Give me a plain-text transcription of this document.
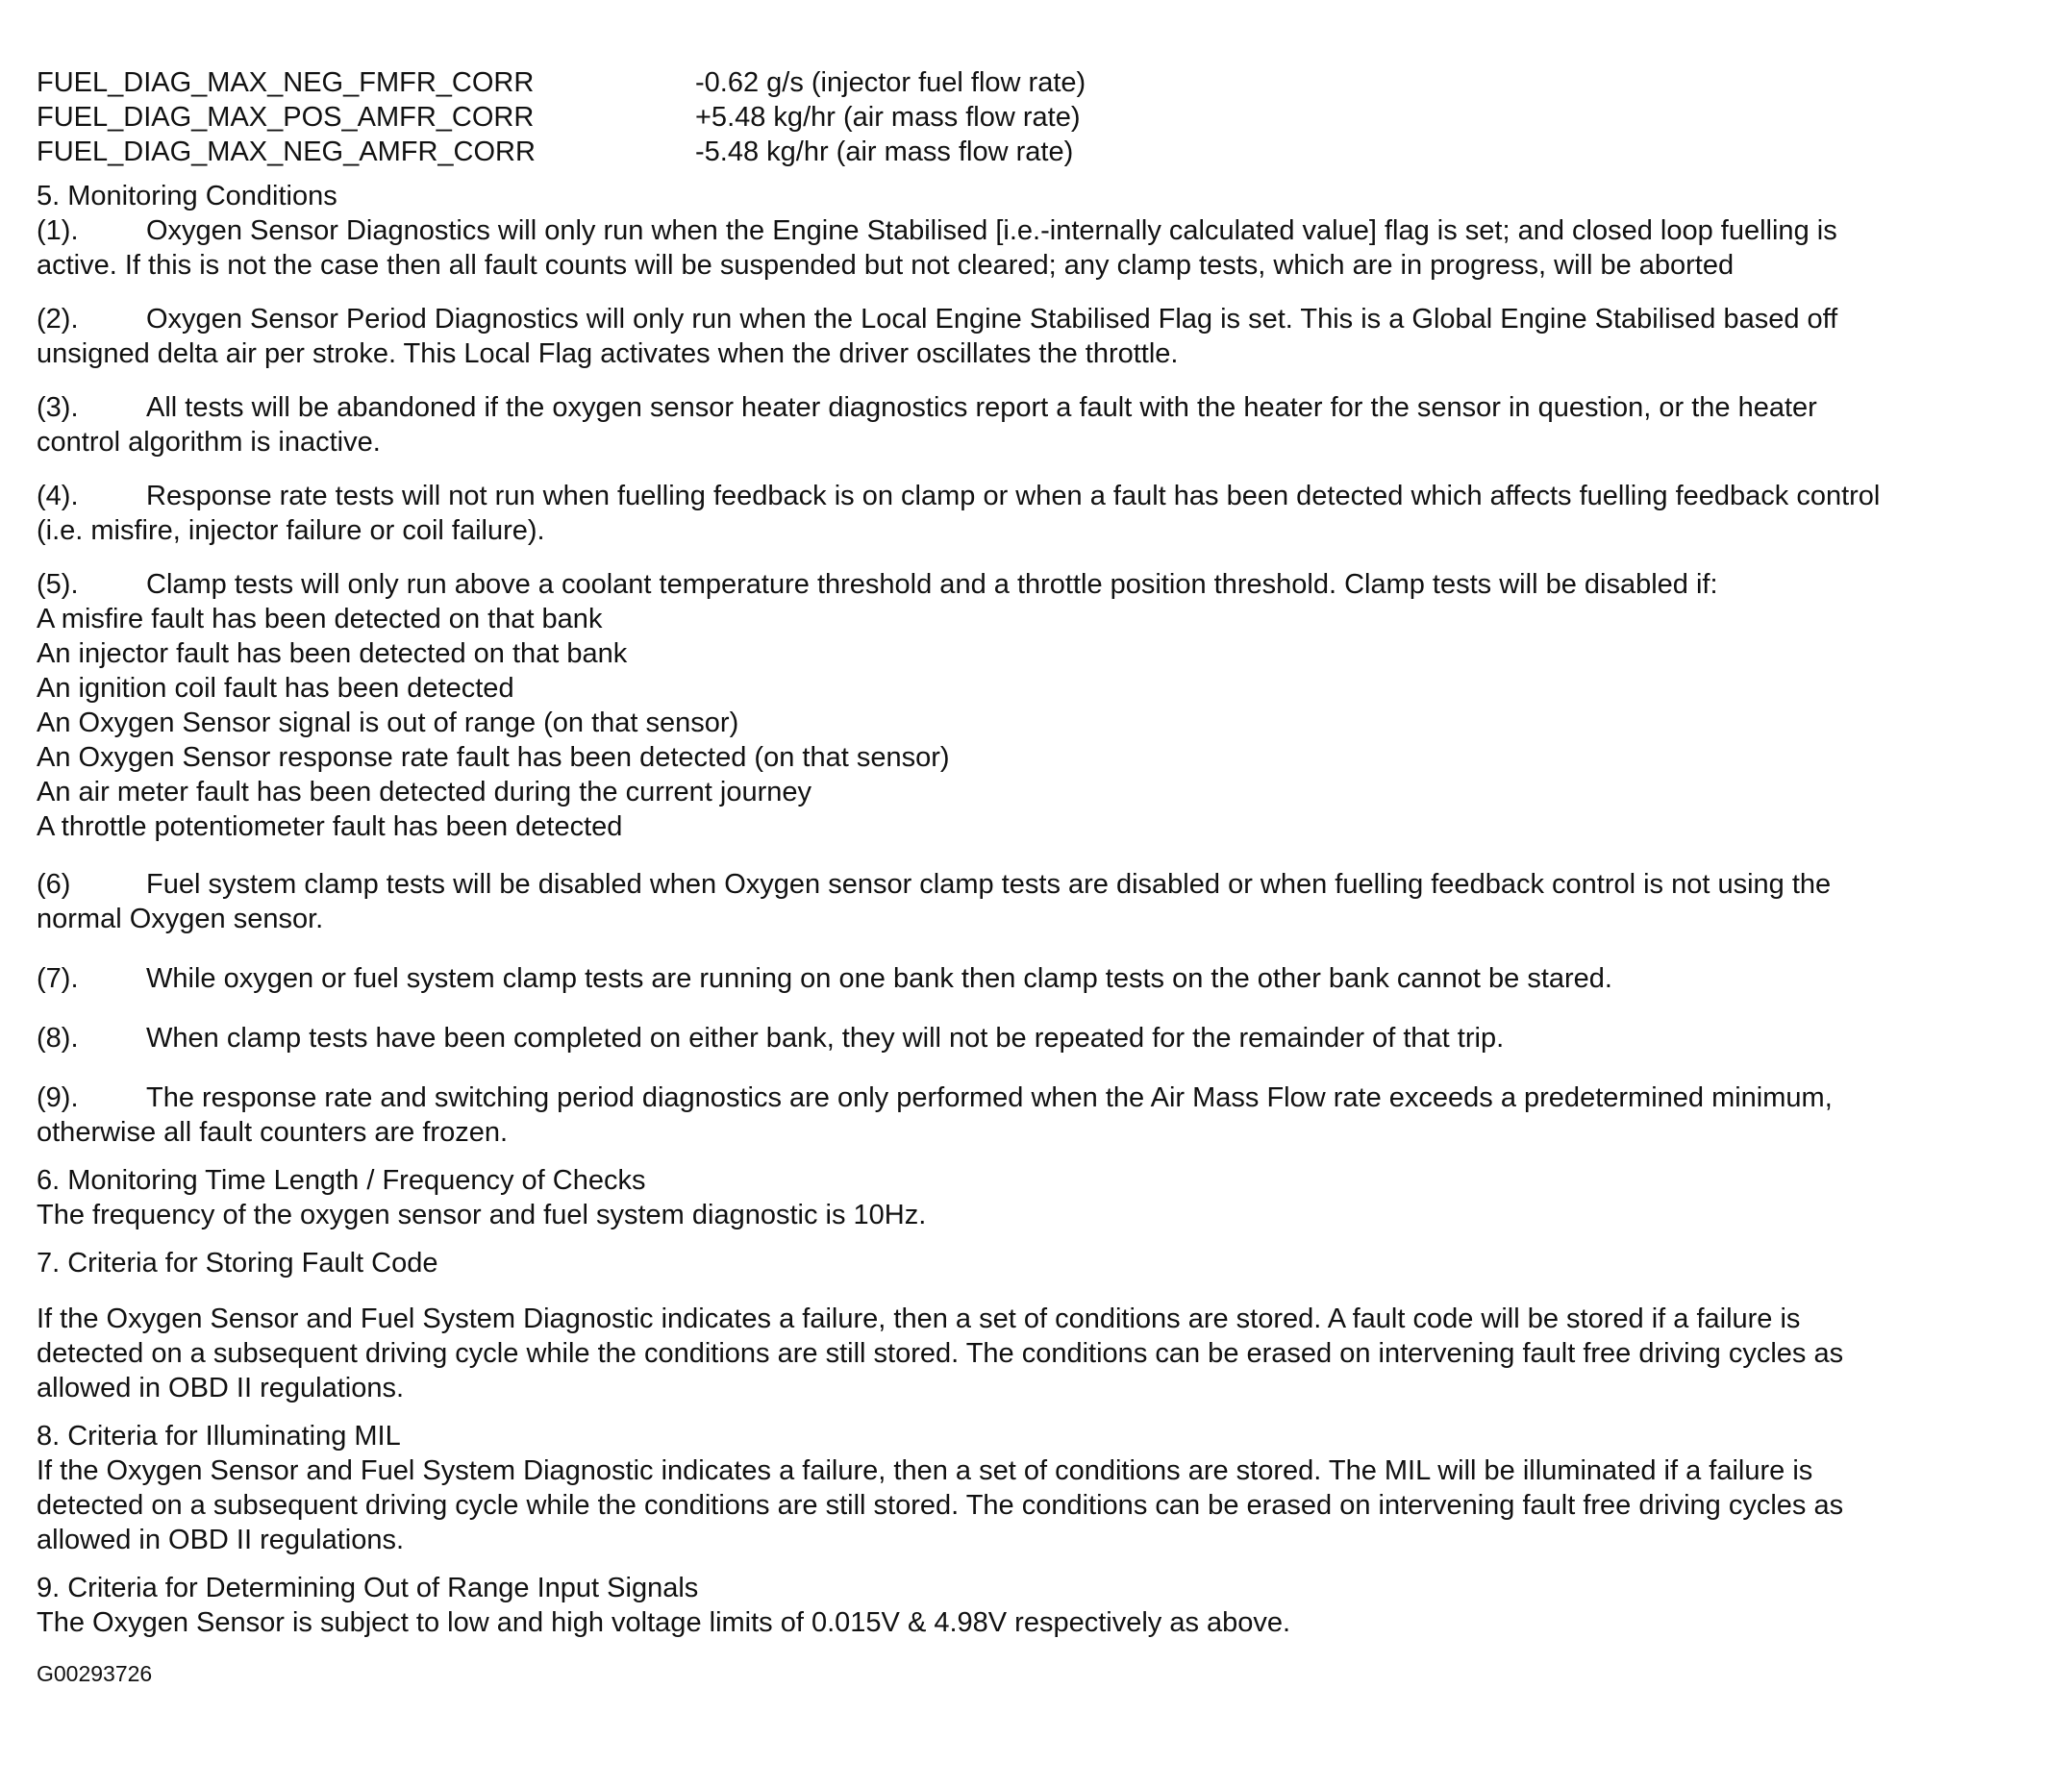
FUEL_DIAG_MAX_NEG_FMFR_CORR	-0.62 g/s (injector fuel flow rate)
FUEL_DIAG_MAX_POS_AMFR_CORR	+5.48 kg/hr (air mass flow rate)
FUEL_DIAG_MAX_NEG_AMFR_CORR	-5.48 kg/hr (air mass flow rate)
5. Monitoring Conditions
(1). Oxygen Sensor Diagnostics will only run when the Engine Stabilised [i.e.-internally calculated value] flag is set; and closed loop fuelling is
active. If this is not the case then all fault counts will be suspended but not cleared; any clamp tests, which are in progress, will be aborted
(2). Oxygen Sensor Period Diagnostics will only run when the Local Engine Stabilised Flag is set. This is a Global Engine Stabilised based off
unsigned delta air per stroke. This Local Flag activates when the driver oscillates the throttle.
(3). All tests will be abandoned if the oxygen sensor heater diagnostics report a fault with the heater for the sensor in question, or the heater
control algorithm is inactive.
(4). Response rate tests will not run when fuelling feedback is on clamp or when a fault has been detected which affects fuelling feedback control
(i.e. misfire, injector failure or coil failure).
(5). Clamp tests will only run above a coolant temperature threshold and a throttle position threshold. Clamp tests will be disabled if:
A misfire fault has been detected on that bank
An injector fault has been detected on that bank
An ignition coil fault has been detected
An Oxygen Sensor signal is out of range (on that sensor)
An Oxygen Sensor response rate fault has been detected (on that sensor)
An air meter fault has been detected during the current journey
A throttle potentiometer fault has been detected
(6)	Fuel system clamp tests will be disabled when Oxygen sensor clamp tests are disabled or when fuelling feedback control is not using the
normal Oxygen sensor.
(7). While oxygen or fuel system clamp tests are running on one bank then clamp tests on the other bank cannot be stared.
(8). When clamp tests have been completed on either bank, they will not be repeated for the remainder of that trip.
(9). The response rate and switching period diagnostics are only performed when the Air Mass Flow rate exceeds a predetermined minimum,
otherwise all fault counters are frozen.
6. Monitoring Time Length / Frequency of Checks
The frequency of the oxygen sensor and fuel system diagnostic is 10Hz.
7. Criteria for Storing Fault Code
If the Oxygen Sensor and Fuel System Diagnostic indicates a failure, then a set of conditions are stored. A fault code will be stored if a failure is
detected on a subsequent driving cycle while the conditions are still stored. The conditions can be erased on intervening fault free driving cycles as
allowed in OBD II regulations.
8. Criteria for Illuminating MIL
If the Oxygen Sensor and Fuel System Diagnostic indicates a failure, then a set of conditions are stored. The MIL will be illuminated if a failure is
detected on a subsequent driving cycle while the conditions are still stored. The conditions can be erased on intervening fault free driving cycles as
allowed in OBD II regulations.
9. Criteria for Determining Out of Range Input Signals
The Oxygen Sensor is subject to low and high voltage limits of 0.015V & 4.98V respectively as above.
G00293726
